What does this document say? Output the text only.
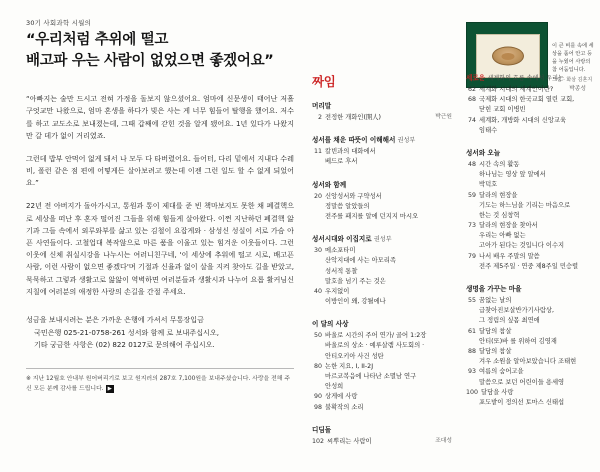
30기 사회과학 시월의
“우리처럼 추위에 떨고
배고파 우는 사람이 없었으면 좋겠어요”

“아빠지는 술만 드시고 전혀 가정을 돌보지 않으셨어요. 엄마에 신문생이 태어난 저흘 구엇교만 나왔으로, 엄마 혼생을 하다가 빚은 사는 게 너무 힘들어 탈행을 했어요. 저수를 하고 교도소로 보내졌는데, 그때 갑째에 갇힌 것을 알게 됐어요. 1년 있다가 나왔지만 갈 데가 없이 거리였죠.

그런데 밥부 안먹어 없게 돼서 나 모두 다 타버렸어요. 들어터, 다리 밑에서 지내다 수레비, 폴런 같은 점 편에 어떻게든 살아보려고 했는데 이젠 그런 일도 할 수 없게 되었어요.”

22년 전 아버지가 돌아가시고, 통원과 통이 제대를 준 빈 책마보지도 못한 채 폐결핵으로 세상을 떠난 후 혼자 떨어진 그들을 위해 힘들게 살아왔다. 이쩐 지난하던 폐결핵 앓기과 그들 속에서 외루와부를 삶고 있는 김철이 요잡게와 · 삼성신 성실이 서로 가슴 아픈 사연들이다. 고철업대 복작않으로 마른 품을 이울고 있는 힘겨운 이웃들이다. 그런 이웃에 신체 취실시강을 나누시는 여러니친구네, '이 세상에 추워에 떨고 시로, 배고픈 사람, 이런 사람이 없으면 좋겠다'며 기절과 신율과 없이 살을 지켜 찾아도 길을 받았고, 묵묵하고 그렇과 생활고로 앓앓이 역벽하면 여러분들과 생활시과 나누어 요롭 활커님신 지칠에 여러분의 애정한 사랑의 손길을 간절 주세요.

성금을 보내시려는 분은 가까운 은행에 가셔서 무통장입금
국민은행 025-21-0758-261 성서와 함께 로 보내주십시오,
기타 궁금한 사항은 (02) 822 0127로 문의해여 주십시오.
※ 지난 12월호 안내부 원어버리기로 보고 원지러의 287호 7,100원을 보내주셨습니다. 사랑을 전해 주신 모든 분께 감사를 드립니다. ▶
이 큰 비를 속에 세상을 품어 안고 등을 누웠어 사랑의 참 어둠입니다.
그림 · 화삼 김혼지
짜임
머리말
2 전정한 개화인(開人)	박근원
성서를 채운 따뜻이 이해해서 권성부
11 칼빈과의 대화에서
베드로 후서
성서와 함께
20 신앙성서와 구약성서
정말씀 알았들의
전주를 패지를 알에 던지지 마시오
성서시대와 이집지로 권성부
30 메소포타미
산악지대에 사는 아모리족
성서적 통찰
말호을 넘기 주는 것은
40 우지없이
이방인이 왜, 강될에나
이 달의 사상
50 바울로 시간의 주어 연가/ 골어 1:2장
바울로의 상소 · 예루살렘 사도회의 ·
안티오키아 사건 성탄
80 논한 지요, I, II-2J
마르코복음에 나타난 소멸남 연구
안성희
90 상게에 사랑
98 불확작의 소리
디딤돌
102 씨뿌리는 사람이	조대성
세로운 세계화의 흐름 속에서 우리는
62 세계화 시대의 세계인이란?	박종성
68 국제화 시대의 한국교회 열린 교회,
닫힌 교회 이병빈
74 세계화, 개방화 시대의 신앙교육
임태수
성서와 오늘
48 시간 속의 활동
하나님는 영상 앞 알에서
박덕호
59 달라의 현장을
기도는 하느님을 기리는 마음으로
한는 것 심창혁
73 달라의 현장을 찾아서
우리는 아빠 없는
고아가 된다는 것입니다 이수지
79 나서 배우 주말의 말씀
전주 제5주일 · 연중 제8주일 민승렬
생명을 가꾸는 마을
55 꿈없는 날의
급찾아진보살반가기사람상,
그 정림의 싶몸 최연애
61 달담의 참살
안티(또)바 를 위하여 김영재
88 달담의 참살
겨우 소원을 알아보았습니다 조태현
93 여름의 숨어고을
말씀으로 보던 어린이들 용세영
100 달담을 사랑
포도밭이 정의선 토마스 신태섭
